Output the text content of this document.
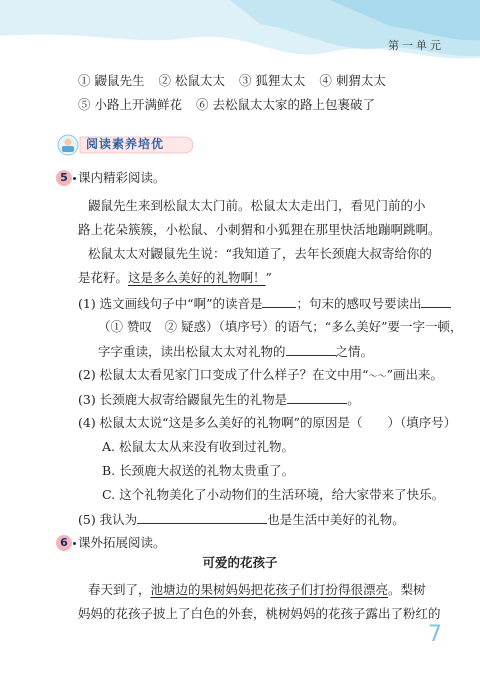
第一单元
① 鼹鼠先生 ② 松鼠太太 ③ 狐狸太太 ④ 刺猬太太
⑤ 小路上开满鲜花 ⑥ 去松鼠太太家的路上包裹破了
阅读素养培优
5 课内精彩阅读。
鼹鼠先生来到松鼠太太门前。松鼠太太走出门，看见门前的小
路上花朵簇簇，小松鼠、小刺猬和小狐狸在那里快活地蹦啊跳啊。
松鼠太太对鼹鼠先生说：“我知道了，去年长颈鹿大叔寄给你的
是花籽。这是多么美好的礼物啊！”
(1) 选文画线句子中“啊”的读音是	；句末的感叹号要读出
（① 赞叹　② 疑惑）（填序号）的语气；“多么美好”要一字一顿，
字字重读，读出松鼠太太对礼物的	之情。
(2) 松鼠太太看见家门口变成了什么样子？在文中用“～～”画出来。
(3) 长颈鹿大叔寄给鼹鼠先生的礼物是	。
(4) 松鼠太太说“这是多么美好的礼物啊”的原因是（　　）（填序号）
A. 松鼠太太从来没有收到过礼物。
B. 长颈鹿大叔送的礼物太贵重了。
C. 这个礼物美化了小动物们的生活环境，给大家带来了快乐。
(5) 我认为	也是生活中美好的礼物。
6 课外拓展阅读。
可爱的花孩子
春天到了，池塘边的果树妈妈把花孩子们打扮得很漂亮。梨树
妈妈的花孩子披上了白色的外套，桃树妈妈的花孩子露出了粉红的
7
